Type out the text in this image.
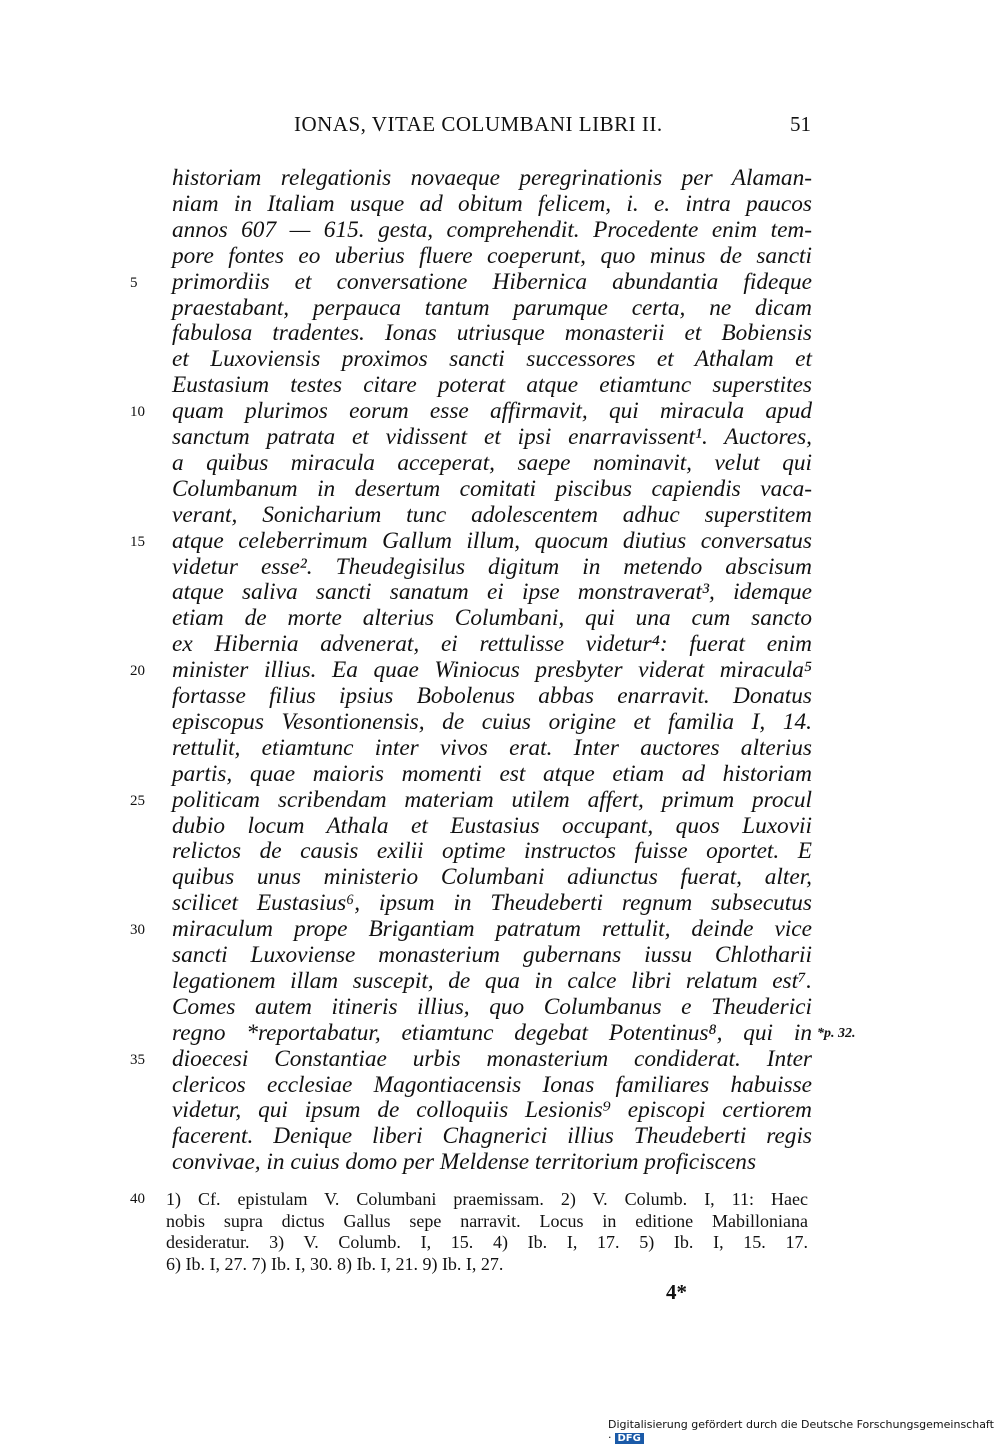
IONAS, VITAE COLUMBANI LIBRI II.	51
historiam relegationis novaeque peregrinationis per Alaman-
niam in Italiam usque ad obitum felicem, i. e. intra paucos
annos 607 — 615. gesta, comprehendit. Procedente enim tem-
pore fontes eo uberius fluere coeperunt, quo minus de sancti
5 primordiis et conversatione Hibernica abundantia fideque
praestabant, perpauca tantum parumque certa, ne dicam
fabulosa tradentes. Ionas utriusque monasterii et Bobiensis
et Luxoviensis proximos sancti successores et Athalam et
Eustasium testes citare poterat atque etiamtunc superstites
10 quam plurimos eorum esse affirmavit, qui miracula apud
sanctum patrata et vidissent et ipsi enarravissent¹. Auctores,
a quibus miracula acceperat, saepe nominavit, velut qui
Columbanum in desertum comitati piscibus capiendis vaca-
verant, Sonicharium tunc adolescentem adhuc superstitem
15 atque celeberrimum Gallum illum, quocum diutius conversatus
videtur esse². Theudegisilus digitum in metendo abscisum
atque saliva sancti sanatum ei ipse monstraverat³, idemque
etiam de morte alterius Columbani, qui una cum sancto
ex Hibernia advenerat, ei rettulisse videtur⁴: fuerat enim
20 minister illius. Ea quae Winiocus presbyter viderat miracula⁵
fortasse filius ipsius Bobolenus abbas enarravit. Donatus
episcopus Vesontionensis, de cuius origine et familia I, 14.
rettulit, etiamtunc inter vivos erat. Inter auctores alterius
partis, quae maioris momenti est atque etiam ad historiam
25 politicam scribendam materiam utilem affert, primum procul
dubio locum Athala et Eustasius occupant, quos Luxovii
relictos de causis exilii optime instructos fuisse oportet. E
quibus unus ministerio Columbani adiunctus fuerat, alter,
scilicet Eustasius⁶, ipsum in Theudeberti regnum subsecutus
30 miraculum prope Brigantiam patratum rettulit, deinde vice
sancti Luxoviense monasterium gubernans iussu Chlotharii
legationem illam suscepit, de qua in calce libri relatum est⁷.
Comes autem itineris illius, quo Columbanus e Theuderici
regno *reportabatur, etiamtunc degebat Potentinus⁸, qui in *p. 32.
35 dioecesi Constantiae urbis monasterium condiderat. Inter
clericos ecclesiae Magontiacensis Ionas familiares habuisse
videtur, qui ipsum de colloquiis Lesionis⁹ episcopi certiorem
facerent. Denique liberi Chagnerici illius Theudeberti regis
convivae, in cuius domo per Meldense territorium proficiscens
40 1) Cf. epistulam V. Columbani praemissam. 2) V. Columb. I, 11: Haec
nobis supra dictus Gallus sepe narravit. Locus in editione Mabilloniana
desideratur. 3) V. Columb. I, 15. 4) Ib. I, 17. 5) Ib. I, 15. 17.
6) Ib. I, 27. 7) Ib. I, 30. 8) Ib. I, 21. 9) Ib. I, 27.
4*
Digitalisierung gefördert durch die Deutsche Forschungsgemeinschaft · DFG
